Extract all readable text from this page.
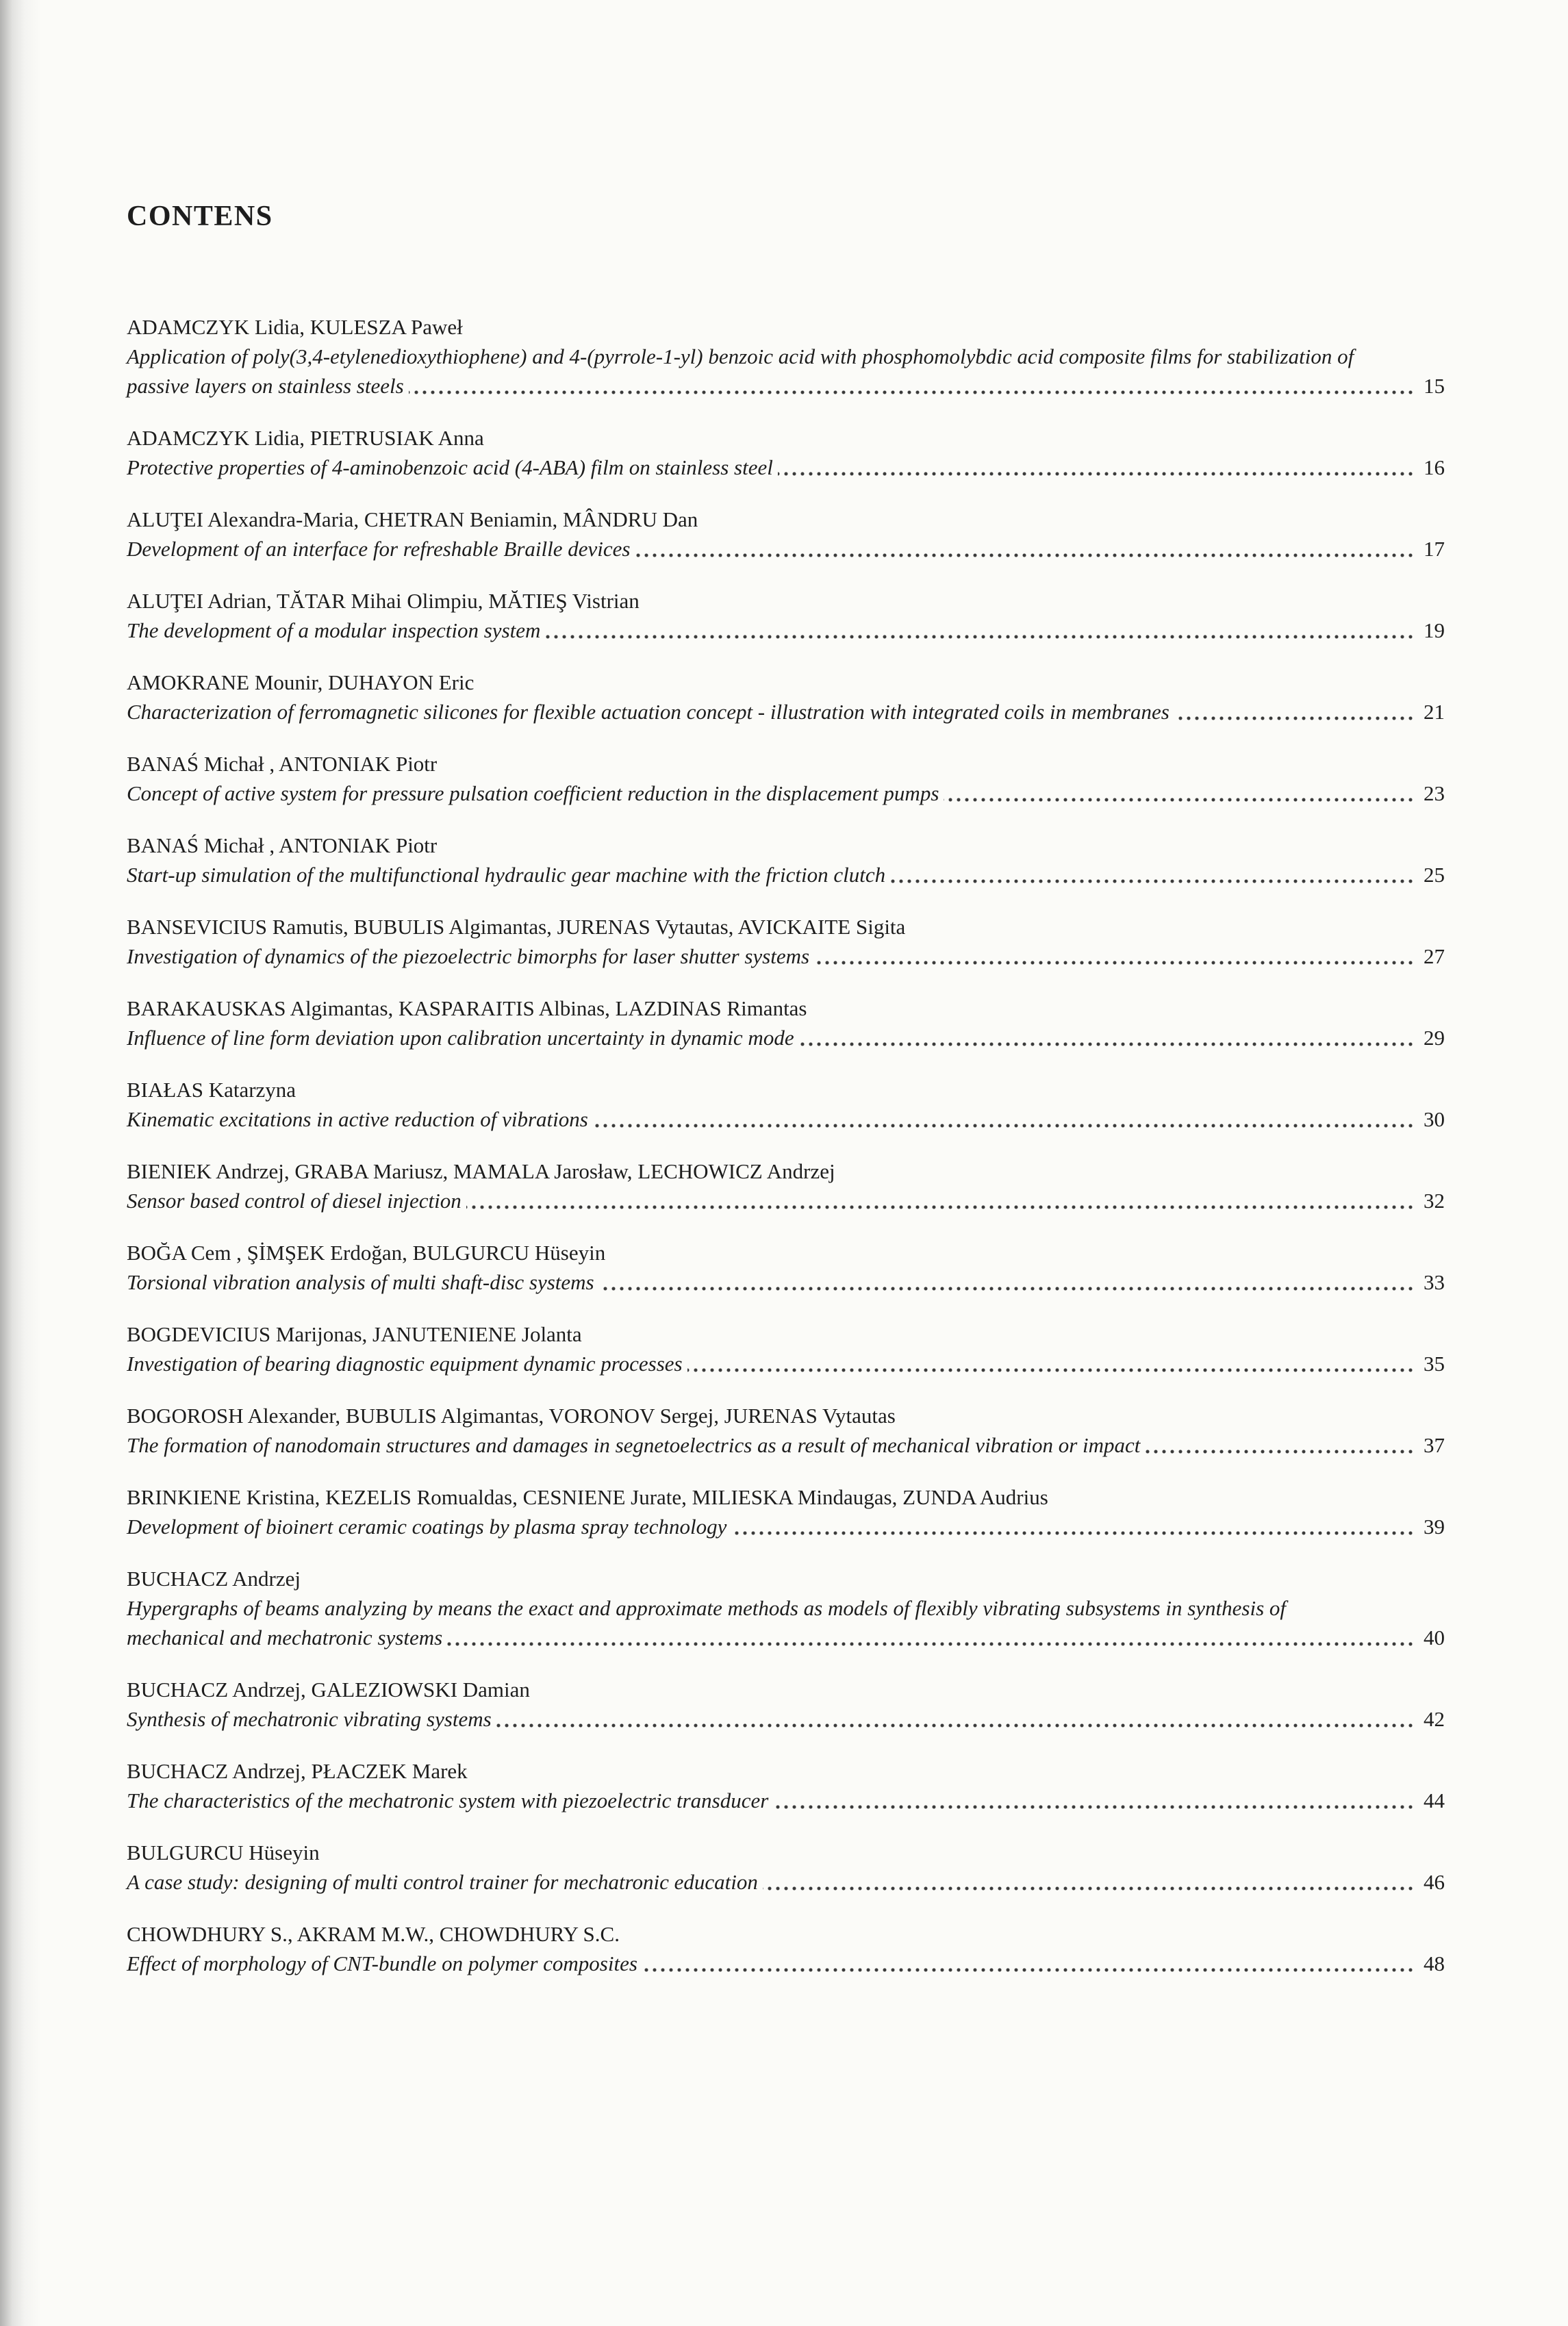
CONTENS
ADAMCZYK Lidia, KULESZA Paweł
Application of poly(3,4-etylenedioxythiophene) and 4-(pyrrole-1-yl) benzoic acid with phosphomolybdic acid composite films for stabilization of passive layers on stainless steels	15
ADAMCZYK Lidia, PIETRUSIAK Anna
Protective properties of 4-aminobenzoic acid (4-ABA) film on stainless steel	16
ALUŢEI Alexandra-Maria, CHETRAN Beniamin, MÂNDRU Dan
Development of an interface for refreshable Braille devices	17
ALUŢEI Adrian, TĂTAR Mihai Olimpiu, MĂTIEŞ Vistrian
The development of a modular inspection system	19
AMOKRANE Mounir, DUHAYON Eric
Characterization of ferromagnetic silicones for flexible actuation concept - illustration with integrated coils in membranes	21
BANAŚ Michał , ANTONIAK Piotr
Concept of active system for pressure pulsation coefficient reduction in the displacement pumps	23
BANAŚ Michał , ANTONIAK Piotr
Start-up simulation of the multifunctional hydraulic gear machine with the friction clutch	25
BANSEVICIUS Ramutis, BUBULIS Algimantas, JURENAS Vytautas, AVICKAITE Sigita
Investigation of dynamics of the piezoelectric bimorphs for laser shutter systems	27
BARAKAUSKAS Algimantas, KASPARAITIS Albinas, LAZDINAS Rimantas
Influence of line form deviation upon calibration uncertainty in dynamic mode	29
BIAŁAS Katarzyna
Kinematic excitations in active reduction of vibrations	30
BIENIEK Andrzej, GRABA Mariusz, MAMALA Jarosław, LECHOWICZ Andrzej
Sensor based control of diesel injection	32
BOĞA Cem , ŞİMŞEK Erdoğan, BULGURCU Hüseyin
Torsional vibration analysis of multi shaft-disc systems	33
BOGDEVICIUS Marijonas, JANUTENIENE Jolanta
Investigation of bearing diagnostic equipment dynamic processes	35
BOGOROSH Alexander, BUBULIS Algimantas, VORONOV Sergej, JURENAS Vytautas
The formation of nanodomain structures and damages in segnetoelectrics as a result of mechanical vibration or impact	37
BRINKIENE Kristina, KEZELIS Romualdas, CESNIENE Jurate, MILIESKA Mindaugas, ZUNDA Audrius
Development of bioinert ceramic coatings by plasma spray technology	39
BUCHACZ Andrzej
Hypergraphs of beams analyzing by means the exact and approximate methods as models of flexibly vibrating subsystems in synthesis of mechanical and mechatronic systems	40
BUCHACZ Andrzej, GALEZIOWSKI Damian
Synthesis of mechatronic vibrating systems	42
BUCHACZ Andrzej, PŁACZEK Marek
The characteristics of the mechatronic system with piezoelectric transducer	44
BULGURCU Hüseyin
A case study: designing of multi control trainer for mechatronic education	46
CHOWDHURY S., AKRAM M.W., CHOWDHURY S.C.
Effect of morphology of CNT-bundle on polymer composites	48
